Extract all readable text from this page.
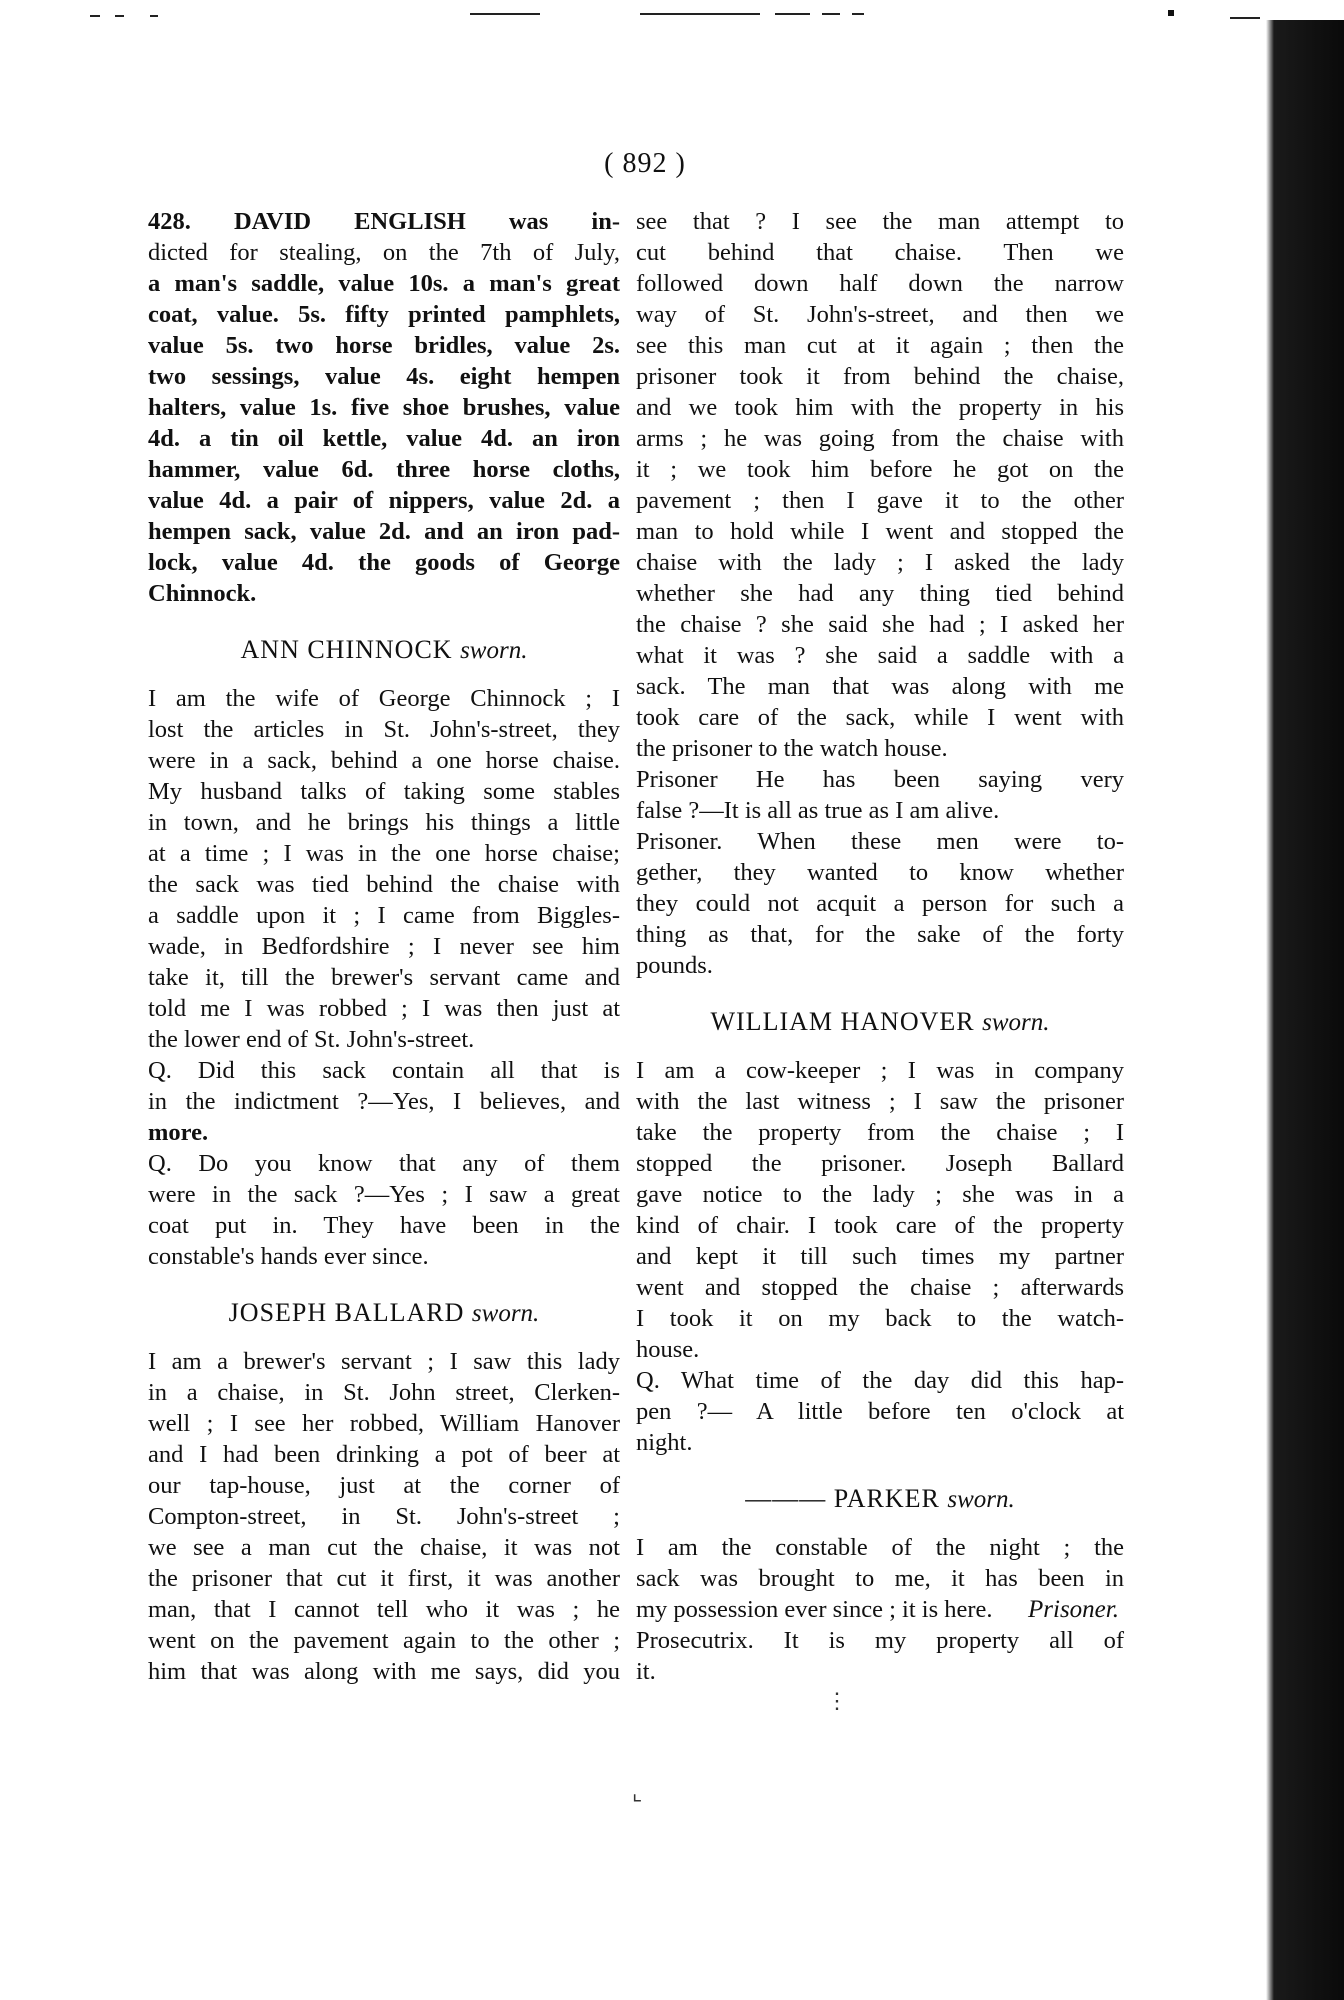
( 892 )
428. DAVID ENGLISH was in-
dicted for stealing, on the 7th of July,
a man's saddle, value 10s. a man's great
coat, value. 5s. fifty printed pamphlets,
value 5s. two horse bridles, value 2s.
two sessings, value 4s. eight hempen
halters, value 1s. five shoe brushes, value
4d. a tin oil kettle, value 4d. an iron
hammer, value 6d. three horse cloths,
value 4d. a pair of nippers, value 2d. a
hempen sack, value 2d. and an iron pad-
lock, value 4d. the goods of George
Chinnock.
ANN CHINNOCK sworn.
I am the wife of George Chinnock ; I
lost the articles in St. John's-street, they
were in a sack, behind a one horse chaise.
My husband talks of taking some stables
in town, and he brings his things a little
at a time ; I was in the one horse chaise;
the sack was tied behind the chaise with
a saddle upon it ; I came from Biggles-
wade, in Bedfordshire ; I never see him
take it, till the brewer's servant came and
told me I was robbed ; I was then just at
the lower end of St. John's-street.
Q. Did this sack contain all that is
in the indictment ?—Yes, I believes, and
more.
Q. Do you know that any of them
were in the sack ?—Yes ; I saw a great
coat put in. They have been in the
constable's hands ever since.
JOSEPH BALLARD sworn.
I am a brewer's servant ; I saw this lady
in a chaise, in St. John street, Clerken-
well ; I see her robbed, William Hanover
and I had been drinking a pot of beer at
our tap-house, just at the corner of
Compton-street, in St. John's-street ;
we see a man cut the chaise, it was not
the prisoner that cut it first, it was another
man, that I cannot tell who it was ; he
went on the pavement again to the other ;
him that was along with me says, did you
see that ? I see the man attempt to
cut behind that chaise. Then we
followed down half down the narrow
way of St. John's-street, and then we
see this man cut at it again ; then the
prisoner took it from behind the chaise,
and we took him with the property in his
arms ; he was going from the chaise with
it ; we took him before he got on the
pavement ; then I gave it to the other
man to hold while I went and stopped the
chaise with the lady ; I asked the lady
whether she had any thing tied behind
the chaise ? she said she had ; I asked her
what it was ? she said a saddle with a
sack. The man that was along with me
took care of the sack, while I went with
the prisoner to the watch house.
Prisoner He has been saying very
false ?—It is all as true as I am alive.
Prisoner. When these men were to-
gether, they wanted to know whether
they could not acquit a person for such a
thing as that, for the sake of the forty
pounds.
WILLIAM HANOVER sworn.
I am a cow-keeper ; I was in company
with the last witness ; I saw the prisoner
take the property from the chaise ; I
stopped the prisoner. Joseph Ballard
gave notice to the lady ; she was in a
kind of chair. I took care of the property
and kept it till such times my partner
went and stopped the chaise ; afterwards
I took it on my back to the watch-
house.
Q. What time of the day did this hap-
pen ?— A little before ten o'clock at
night.
——— PARKER sworn.
I am the constable of the night ; the
sack was brought to me, it has been in
my possession ever since ; it is here.
Prosecutrix. It is my property all of
it.
Prisoner.
⋮
⌞
